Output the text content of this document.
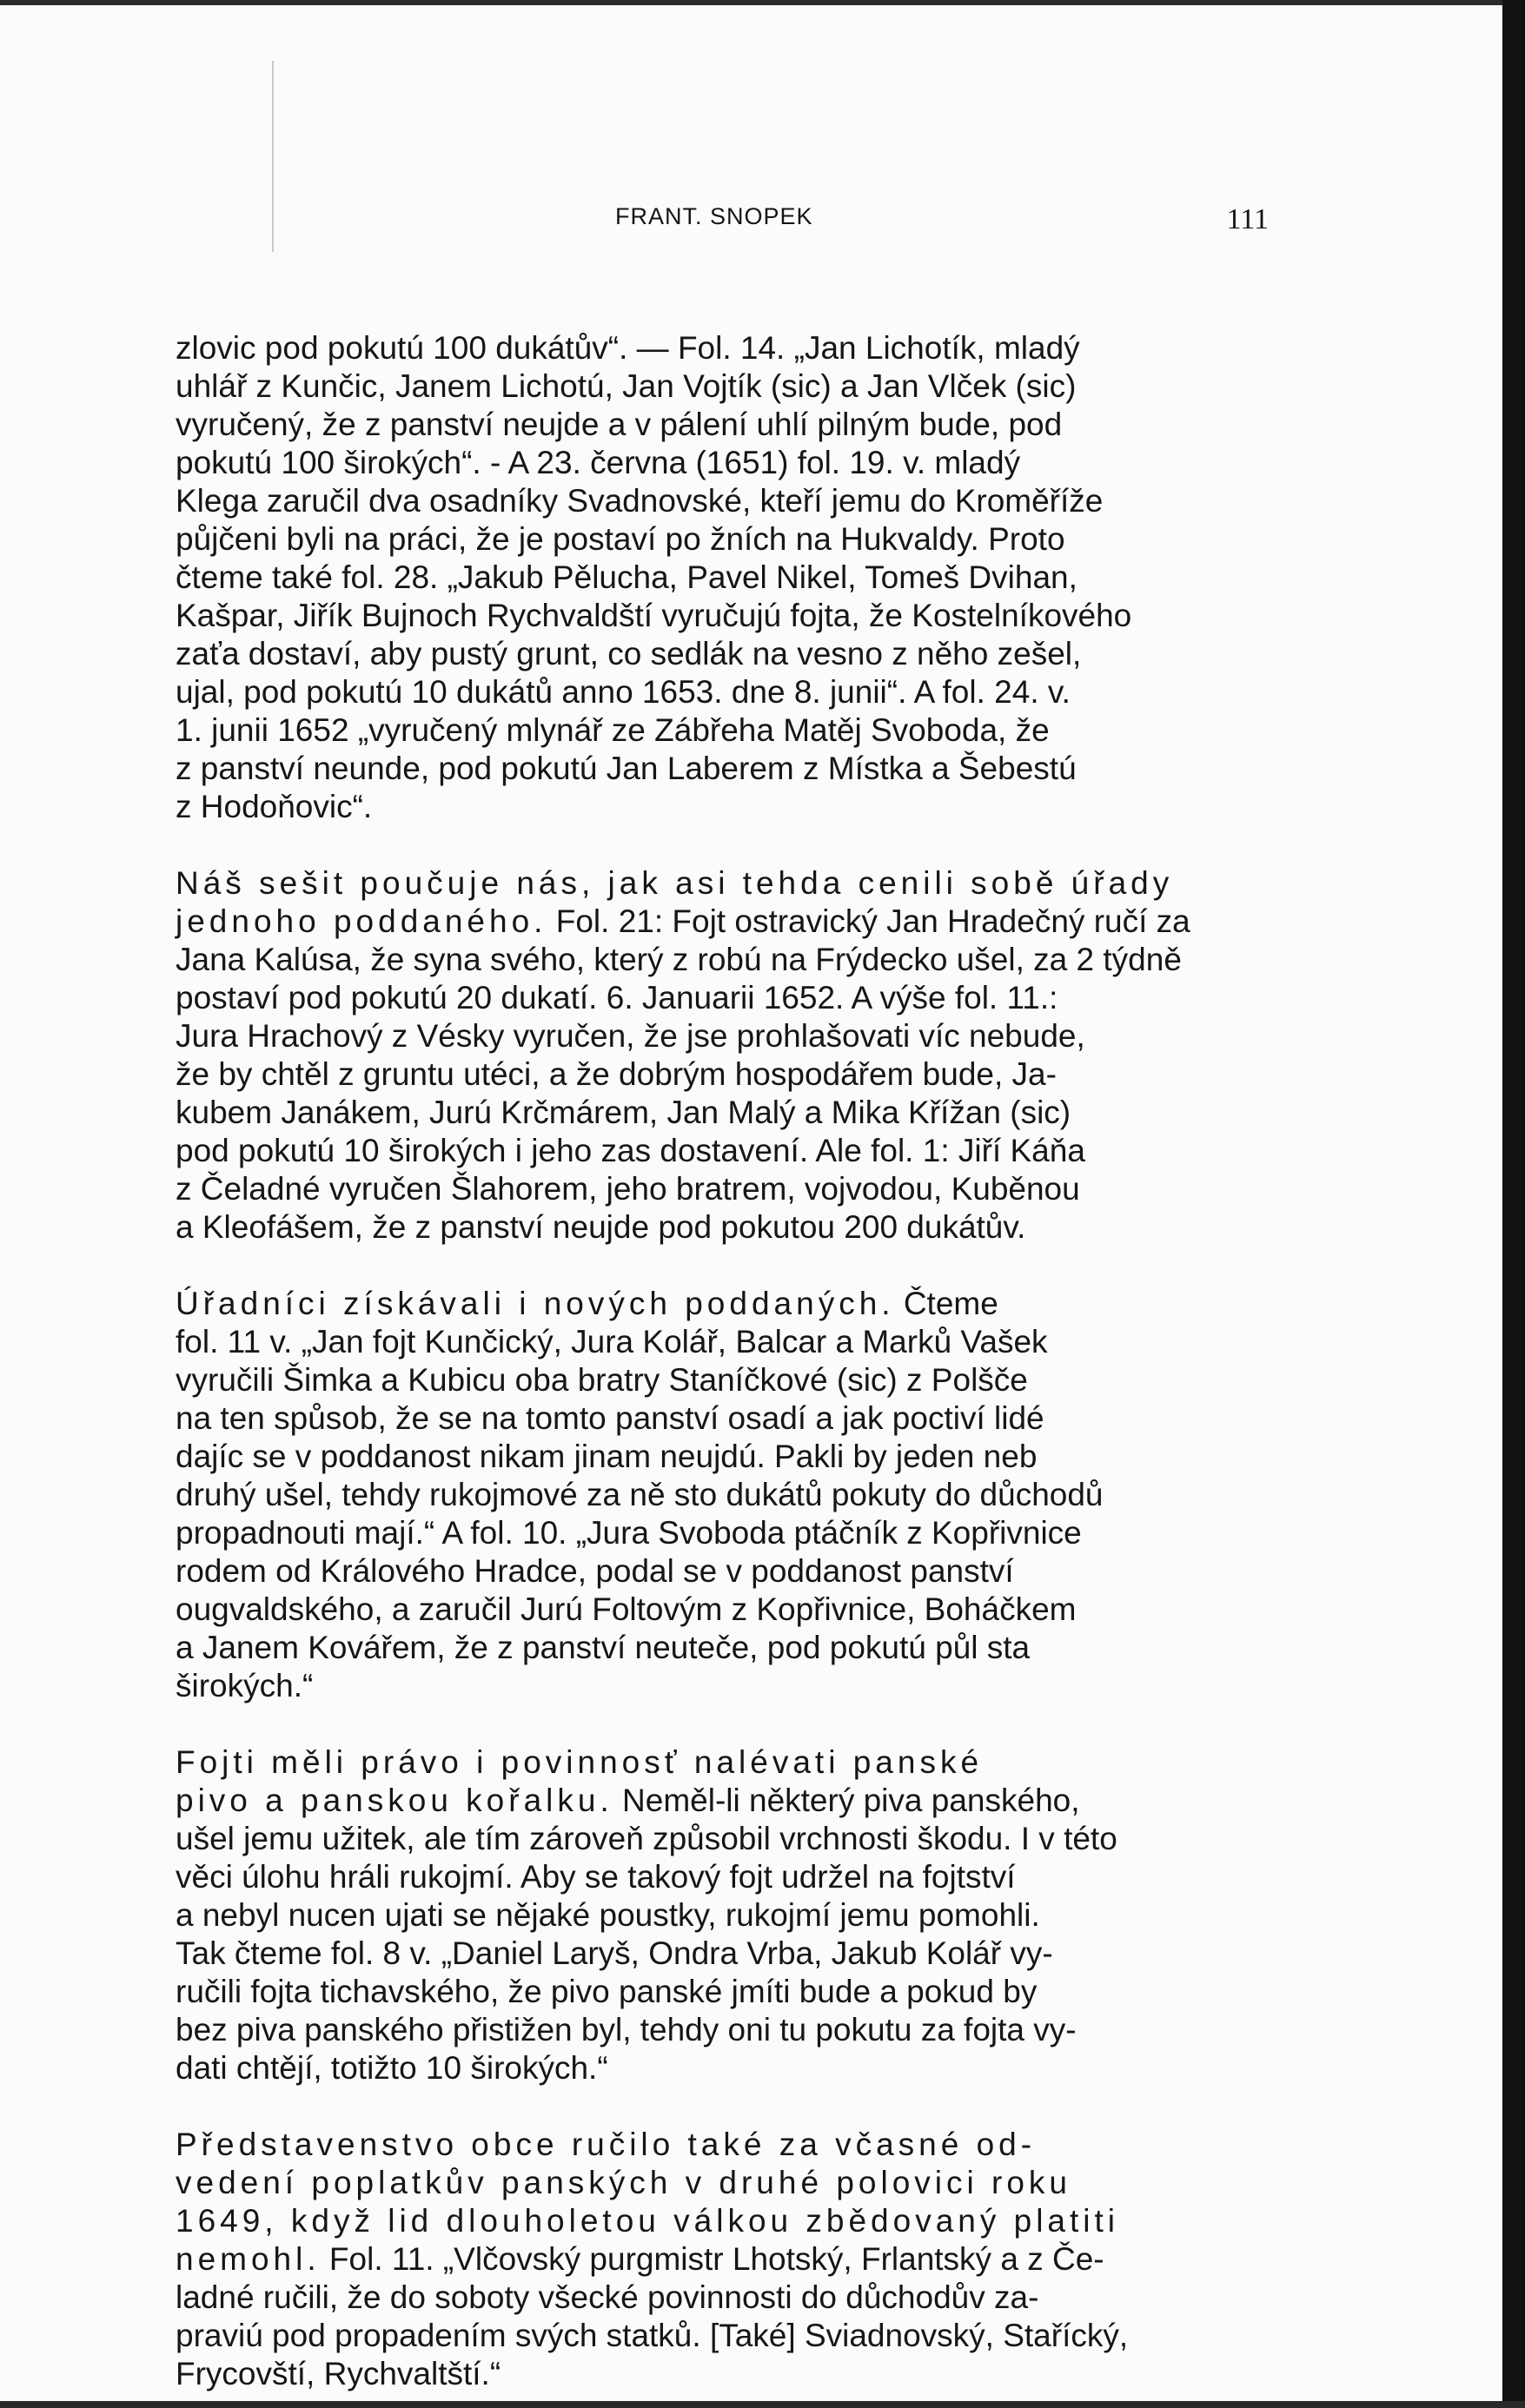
FRANT. SNOPEK	111

zlovic pod pokutú 100 dukátův“. — Fol. 14. „Jan Lichotík, mladý
uhlář z Kunčic, Janem Lichotú, Jan Vojtík (sic) a Jan Vlček (sic)
vyručený, že z panství neujde a v pálení uhlí pilným bude, pod
pokutú 100 širokých“. - A 23. června (1651) fol. 19. v. mladý
Klega zaručil dva osadníky Svadnovské, kteří jemu do Kroměříže
půjčeni byli na práci, že je postaví po žních na Hukvaldy. Proto
čteme také fol. 28. „Jakub Pělucha, Pavel Nikel, Tomeš Dvihan,
Kašpar, Jiřík Bujnoch Rychvaldští vyručujú fojta, že Kostelníkového
zaťa dostaví, aby pustý grunt, co sedlák na vesno z něho zešel,
ujal, pod pokutú 10 dukátů anno 1653. dne 8. junii“. A fol. 24. v.
1. junii 1652 „vyručený mlynář ze Zábřeha Matěj Svoboda, že
z panství neunde, pod pokutú Jan Laberem z Místka a Šebestú
z Hodoňovic“.

Náš sešit poučuje nás, jak asi tehda cenili sobě úřady
jednoho poddaného. Fol. 21: Fojt ostravický Jan Hradečný ručí za
Jana Kalúsa, že syna svého, který z robú na Frýdecko ušel, za 2 týdně
postaví pod pokutú 20 dukatí. 6. Januarii 1652. A výše fol. 11.:
Jura Hrachový z Vésky vyručen, že jse prohlašovati víc nebude,
že by chtěl z gruntu utéci, a že dobrým hospodářem bude, Ja-
kubem Janákem, Jurú Krčmárem, Jan Malý a Mika Křížan (sic)
pod pokutú 10 širokých i jeho zas dostavení. Ale fol. 1: Jiří Káňa
z Čeladné vyručen Šlahorem, jeho bratrem, vojvodou, Kuběnou
a Kleofášem, že z panství neujde pod pokutou 200 dukátův.

Úřadníci získávali i nových poddaných. Čteme
fol. 11 v. „Jan fojt Kunčický, Jura Kolář, Balcar a Marků Vašek
vyručili Šimka a Kubicu oba bratry Staníčkové (sic) z Polšče
na ten spůsob, že se na tomto panství osadí a jak poctiví lidé
dajíc se v poddanost nikam jinam neujdú. Pakli by jeden neb
druhý ušel, tehdy rukojmové za ně sto dukátů pokuty do důchodů
propadnouti mají.“ A fol. 10. „Jura Svoboda ptáčník z Kopřivnice
rodem od Králového Hradce, podal se v poddanost panství
ougvaldského, a zaručil Jurú Foltovým z Kopřivnice, Boháčkem
a Janem Kovářem, že z panství neuteče, pod pokutú půl sta
širokých.“

Fojti měli právo i povinnosť nalévati panské
pivo a panskou kořalku. Neměl-li některý piva panského,
ušel jemu užitek, ale tím zároveň způsobil vrchnosti škodu. I v této
věci úlohu hráli rukojmí. Aby se takový fojt udržel na fojtství
a nebyl nucen ujati se nějaké poustky, rukojmí jemu pomohli.
Tak čteme fol. 8 v. „Daniel Laryš, Ondra Vrba, Jakub Kolář vy-
ručili fojta tichavského, že pivo panské jmíti bude a pokud by
bez piva panského přistižen byl, tehdy oni tu pokutu za fojta vy-
dati chtějí, totižto 10 širokých.“

Představenstvo obce ručilo také za včasné od-
vedení poplatkův panských v druhé polovici roku
1649, když lid dlouholetou válkou zbědovaný platiti
nemohl. Fol. 11. „Vlčovský purgmistr Lhotský, Frlantský a z Če-
ladné ručili, že do soboty všecké povinnosti do důchodův za-
praviú pod propadením svých statků. [Také] Sviadnovský, Stařícký,
Frycovští, Rychvaltští.“
